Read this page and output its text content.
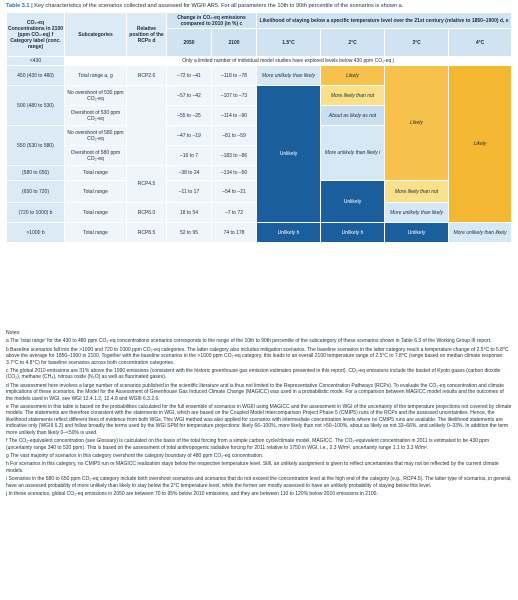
Table 3.1 | Key characteristics of the scenarios collected and assessed for WGIII AR5. For all parameters the 10th to 90th percentile of the scenarios is shown a.
CO₂-eq Concentrations in 2100 (ppm CO₂-eq) f Category label (conc. range)	Subcategories	Relative position of the RCPs d	Change in CO₂-eq emissions compared to 2010 (in %) c		Likelihood of staying below a specific temperature level over the 21st century (relative to 1850–1900) d, e			
			2050	2100	1.5°C	2°C	3°C	4°C
<430	Only a limited number of individual model studies have explored levels below 430 ppm CO₂-eq j							
450 (430 to 480)	Total range a, g	RCP2.6	–72 to –41	–118 to –78	More unlikely than likely	Likely	Likely	Likely
500 (480 to 530)	No overshoot of 530 ppm CO₂-eq		–57 to –42	–107 to –73	Unlikely	More likely than not		
	Overshoot of 530 ppm CO₂-eq		–55 to –25	–114 to –90		About as likely as not		
550 (530 to 580)	No overshoot of 580 ppm CO₂-eq		–47 to –19	–81 to –59		More unlikely than likely i		
	Overshoot of 580 ppm CO₂-eq		–16 to 7	–183 to –86				
(580 to 650)	Total range	RCP4.5	–38 to 24	–134 to –50				
(650 to 720)	Total range		–11 to 17	–54 to –21		Unlikely	More likely than not	
(720 to 1000) b	Total range	RCP6.0	18 to 54	–7 to 72			More unlikely than likely	
>1000 b	Total range	RCP8.5	52 to 95	74 to 178	Unlikely h	Unlikely h	Unlikely	More unlikely than likely

Notes:

a The ‘total range’ for the 430 to 480 ppm CO₂-eq concentrations scenarios corresponds to the range of the 10th to 90th percentile of the subcategory of these scenarios shown in Table 6.3 of the Working Group III report.

b Baseline scenarios fall into the >1000 and 720 to 1000 ppm CO₂-eq categories. The latter category also includes mitigation scenarios. The baseline scenarios in the latter category reach a temperature change of 2.5°C to 5.8°C above the average for 1850–1900 in 2100. Together with the baseline scenarios in the >1000 ppm CO₂-eq category, this leads to an overall 2100 temperature range of 2.5°C to 7.8°C (range based on median climate response: 3.7°C to 4.8°C) for baseline scenarios across both concentration categories.

c The global 2010 emissions are 31% above the 1990 emissions (consistent with the historic greenhouse gas emission estimates presented in this report). CO₂-eq emissions include the basket of Kyoto gases (carbon dioxide (CO₂), methane (CH₄), nitrous oxide (N₂O) as well as fluorinated gases).

d The assessment here involves a large number of scenarios published in the scientific literature and is thus not limited to the Representative Concentration Pathways (RCPs). To evaluate the CO₂-eq concentration and climate implications of these scenarios, the Model for the Assessment of Greenhouse Gas Induced Climate Change (MAGICC) was used in a probabilistic mode. For a comparison between MAGICC model results and the outcomes of the models used in WGI, see WGI 12.4.1.2, 12.4.8 and WGIII 6.3.2.6.

e The assessment in this table is based on the probabilities calculated for the full ensemble of scenarios in WGIII using MAGICC and the assessment in WGI of the uncertainty of the temperature projections not covered by climate models. The statements are therefore consistent with the statements in WGI, which are based on the Coupled Model Intercomparison Project Phase 5 (CMIP5) runs of the RCPs and the assessed uncertainties. Hence, the likelihood statements reflect different lines of evidence from both WGs. This WGI method was also applied for scenarios with intermediate concentration levels where no CMIP5 runs are available. The likelihood statements are indicative only (WGIII 6.3) and follow broadly the terms used by the WGI SPM for temperature projections: likely 66–100%, more likely than not >50–100%, about as likely as not 33–66%, and unlikely 0–33%. In addition the term more unlikely than likely 0–<50% is used.

f The CO₂-equivalent concentration (see Glossary) is calculated on the basis of the total forcing from a simple carbon cycle/climate model, MAGICC. The CO₂-equivalent concentration in 2011 is estimated to be 430 ppm (uncertainty range 340 to 520 ppm). This is based on the assessment of total anthropogenic radiative forcing for 2011 relative to 1750 in WGI, i.e., 2.3 W/m², uncertainty range 1.1 to 3.3 W/m².

g The vast majority of scenarios in this category overshoot the category boundary of 480 ppm CO₂-eq concentration.

h For scenarios in this category, no CMIP5 run or MAGICC realization stays below the respective temperature level. Still, an unlikely assignment is given to reflect uncertainties that may not be reflected by the current climate models.

i Scenarios in the 580 to 650 ppm CO₂-eq category include both overshoot scenarios and scenarios that do not exceed the concentration level at the high end of the category (e.g., RCP4.5). The latter type of scenarios, in general, have an assessed probability of more unlikely than likely to stay below the 2°C temperature level, while the former are mostly assessed to have an unlikely probability of staying below this level.

j In these scenarios, global CO₂-eq emissions in 2050 are between 70 to 95% below 2010 emissions, and they are between 110 to 120% below 2010 emissions in 2100.
